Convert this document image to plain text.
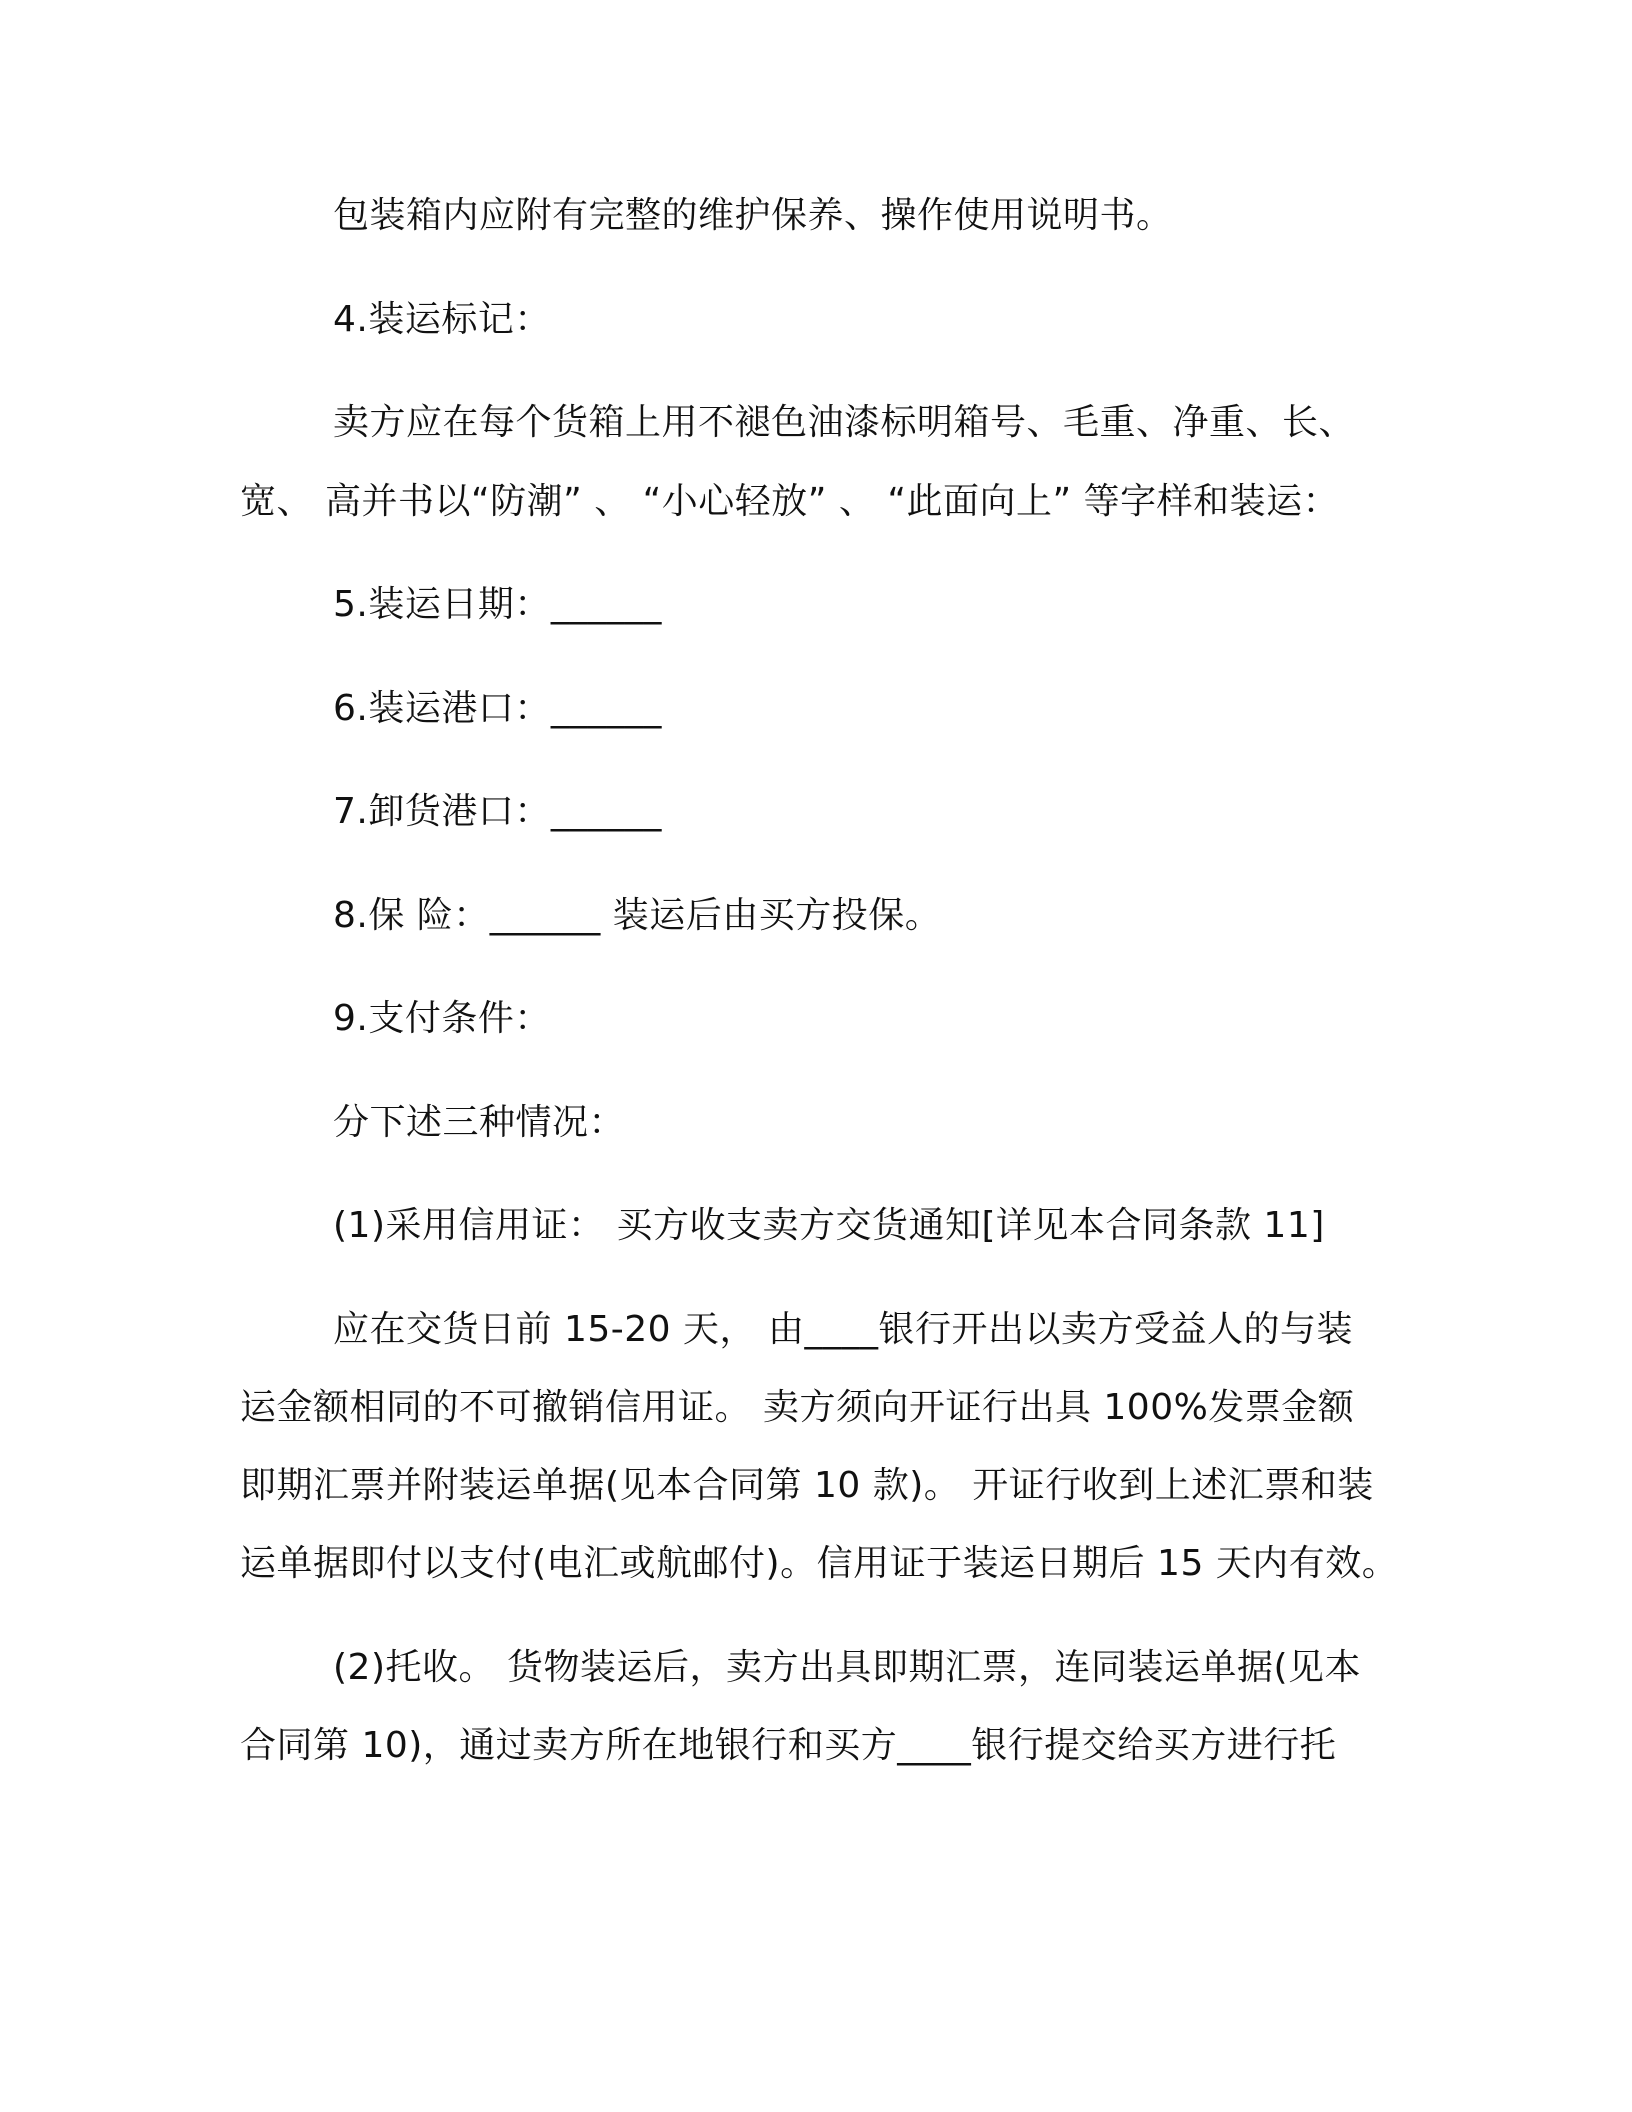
包装箱内应附有完整的维护保养、操作使用说明书。

4.装运标记：

卖方应在每个货箱上用不褪色油漆标明箱号、毛重、净重、长、

宽、 高并书以“防潮” 、 “小心轻放” 、 “此面向上” 等字样和装运：

5.装运日期：______

6.装运港口：______

7.卸货港口：______

8.保 险：______ 装运后由买方投保。

9.支付条件：

分下述三种情况：

(1)采用信用证： 买方收支卖方交货通知[详见本合同条款 11]

应在交货日前 15-20 天， 由____银行开出以卖方受益人的与装

运金额相同的不可撤销信用证。 卖方须向开证行出具 100%发票金额

即期汇票并附装运单据(见本合同第 10 款)。 开证行收到上述汇票和装

运单据即付以支付(电汇或航邮付)。信用证于装运日期后 15 天内有效。

(2)托收。 货物装运后，卖方出具即期汇票，连同装运单据(见本

合同第 10)，通过卖方所在地银行和买方____银行提交给买方进行托
